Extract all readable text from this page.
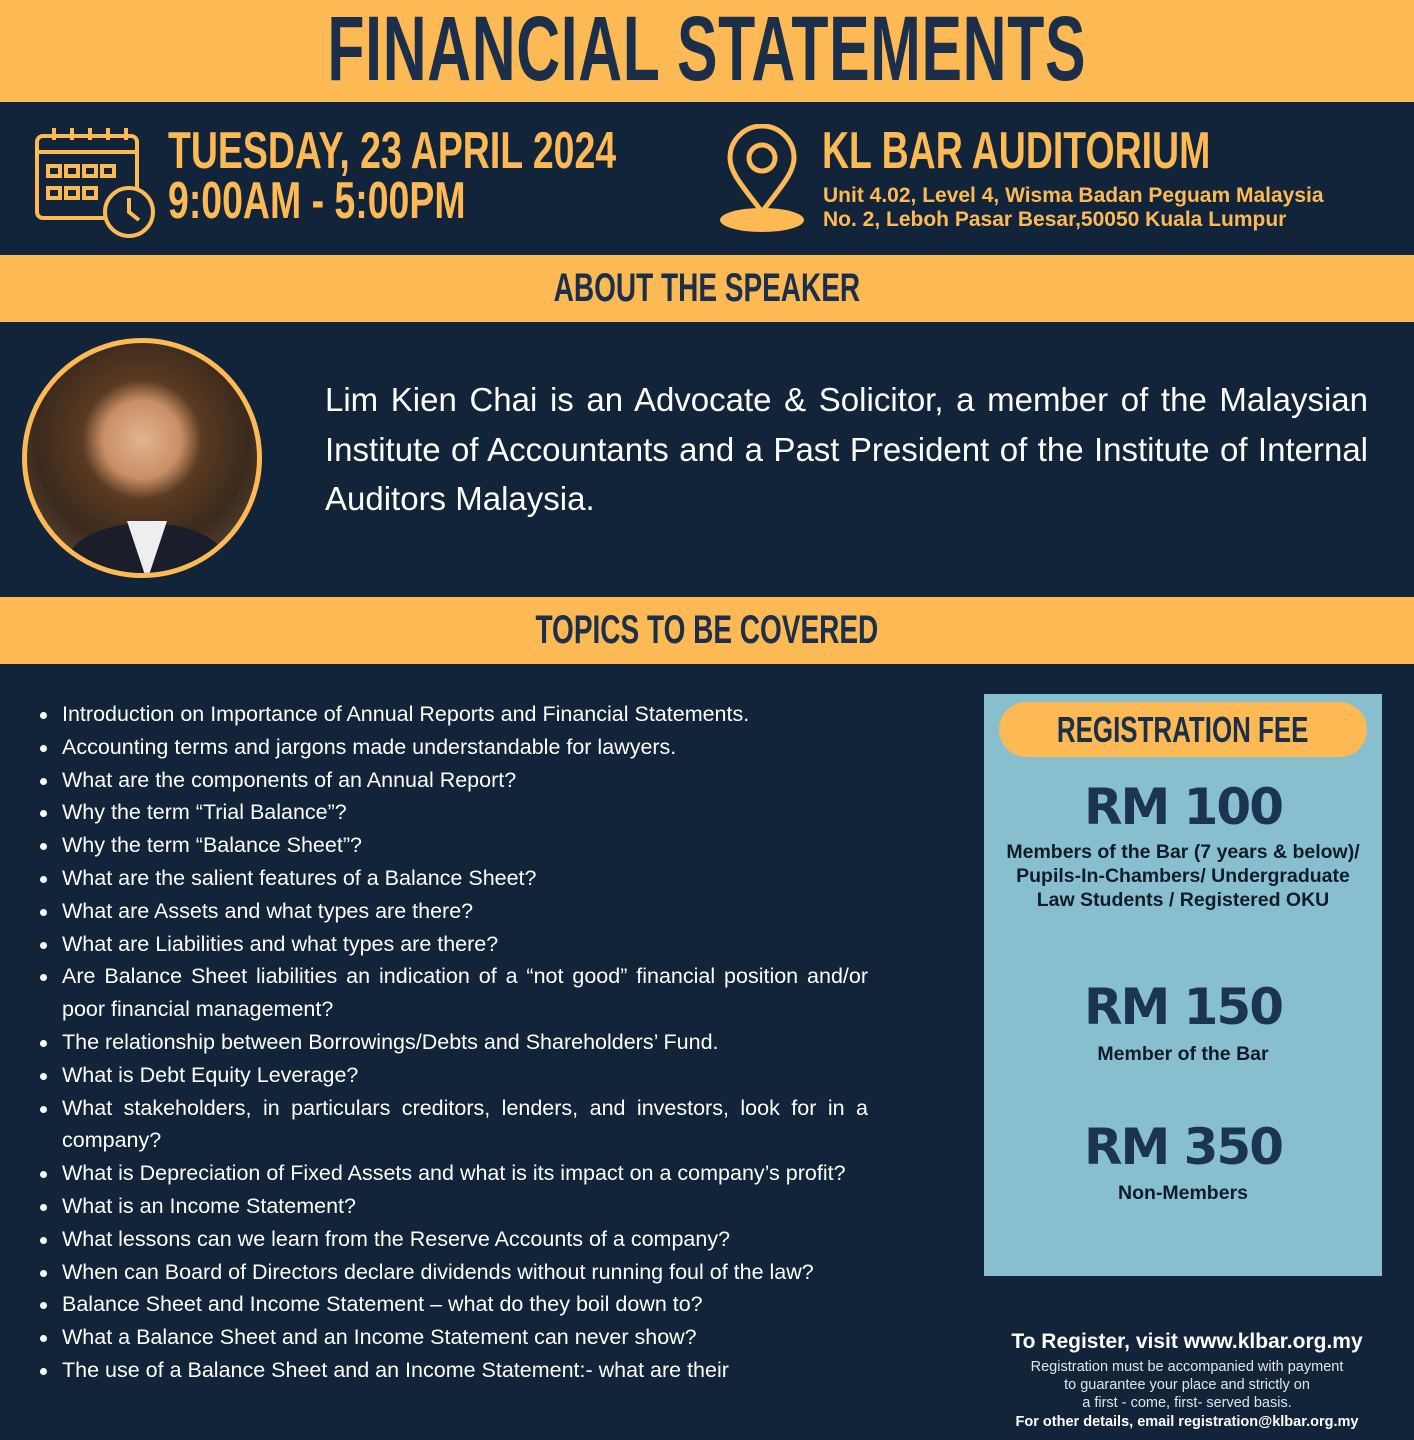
FINANCIAL STATEMENTS
TUESDAY, 23 APRIL 2024
9:00AM - 5:00PM
KL BAR AUDITORIUM
Unit 4.02, Level 4, Wisma Badan Peguam Malaysia
No. 2, Leboh Pasar Besar,50050 Kuala Lumpur
ABOUT THE SPEAKER
Lim Kien Chai is an Advocate & Solicitor, a member of the Malaysian Institute of Accountants and a Past President of the Institute of Internal Auditors Malaysia.
TOPICS TO BE COVERED
Introduction on Importance of Annual Reports and Financial Statements.
Accounting terms and jargons made understandable for lawyers.
What are the components of an Annual Report?
Why the term “Trial Balance”?
Why the term “Balance Sheet”?
What are the salient features of a Balance Sheet?
What are Assets and what types are there?
What are Liabilities and what types are there?
Are Balance Sheet liabilities an indication of a “not good” financial position and/or poor financial management?
The relationship between Borrowings/Debts and Shareholders’ Fund.
What is Debt Equity Leverage?
What stakeholders, in particulars creditors, lenders, and investors, look for in a company?
What is Depreciation of Fixed Assets and what is its impact on a company’s profit?
What is an Income Statement?
What lessons can we learn from the Reserve Accounts of a company?
When can Board of Directors declare dividends without running foul of the law?
Balance Sheet and Income Statement – what do they boil down to?
What a Balance Sheet and an Income Statement can never show?
The use of a Balance Sheet and an Income Statement:- what are their
REGISTRATION FEE
RM 100
Members of the Bar (7 years & below)/ Pupils-In-Chambers/ Undergraduate Law Students / Registered OKU
RM 150
Member of the Bar
RM 350
Non-Members
To Register, visit www.klbar.org.my
Registration must be accompanied with payment
to guarantee your place and strictly on
a first - come, first- served basis.
For other details, email registration@klbar.org.my
